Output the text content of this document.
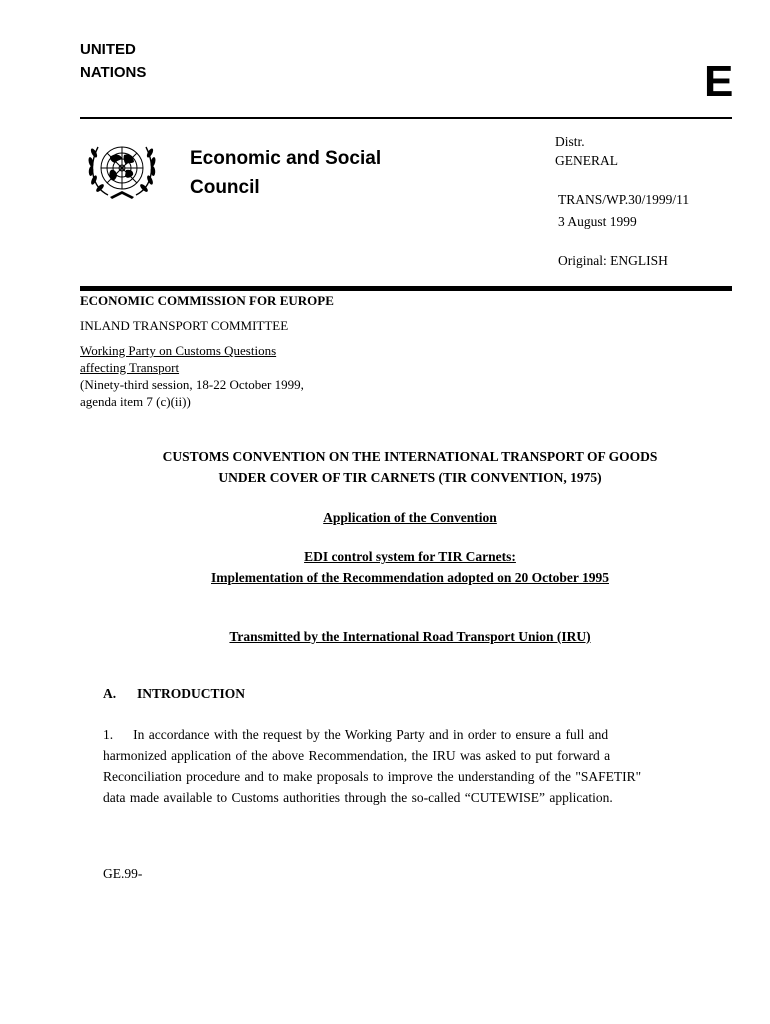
UNITED
NATIONS	E
Economic and Social
Council
Distr.
GENERAL
TRANS/WP.30/1999/11
3 August 1999
Original: ENGLISH
ECONOMIC COMMISSION FOR EUROPE
INLAND TRANSPORT COMMITTEE
Working Party on Customs Questions
affecting Transport
(Ninety-third session, 18-22 October 1999,
agenda item 7 (c)(ii))
CUSTOMS CONVENTION ON THE INTERNATIONAL TRANSPORT OF GOODS
UNDER COVER OF TIR CARNETS (TIR CONVENTION, 1975)
Application of the Convention
EDI control system for TIR Carnets:
Implementation of the Recommendation adopted on 20 October 1995
Transmitted by the International Road Transport Union (IRU)
A. INTRODUCTION
1. In accordance with the request by the Working Party and in order to ensure a full and
harmonized application of the above Recommendation, the IRU was asked to put forward a
Reconciliation procedure and to make proposals to improve the understanding of the "SAFETIR"
data made available to Customs authorities through the so-called “CUTEWISE” application.
GE.99-
